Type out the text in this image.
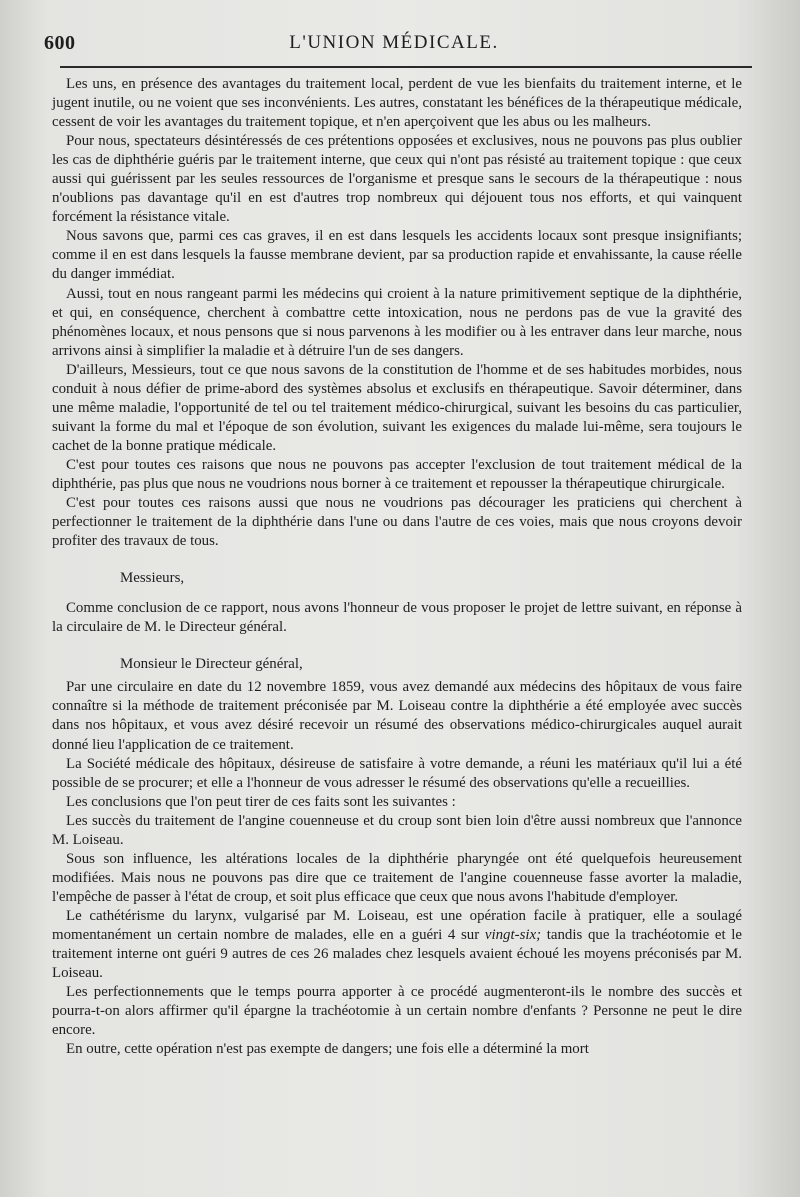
600	L'UNION MÉDICALE.

Les uns, en présence des avantages du traitement local, perdent de vue les bienfaits du traitement interne, et le jugent inutile, ou ne voient que ses inconvénients. Les autres, constatant les bénéfices de la thérapeutique médicale, cessent de voir les avantages du traitement topique, et n'en aperçoivent que les abus ou les malheurs.

Pour nous, spectateurs désintéressés de ces prétentions opposées et exclusives, nous ne pouvons pas plus oublier les cas de diphthérie guéris par le traitement interne, que ceux qui n'ont pas résisté au traitement topique : que ceux aussi qui guérissent par les seules ressources de l'organisme et presque sans le secours de la thérapeutique : nous n'oublions pas davantage qu'il en est d'autres trop nombreux qui déjouent tous nos efforts, et qui vainquent forcément la résistance vitale.

Nous savons que, parmi ces cas graves, il en est dans lesquels les accidents locaux sont presque insignifiants; comme il en est dans lesquels la fausse membrane devient, par sa production rapide et envahissante, la cause réelle du danger immédiat.

Aussi, tout en nous rangeant parmi les médecins qui croient à la nature primitivement septique de la diphthérie, et qui, en conséquence, cherchent à combattre cette intoxication, nous ne perdons pas de vue la gravité des phénomènes locaux, et nous pensons que si nous parvenons à les modifier ou à les entraver dans leur marche, nous arrivons ainsi à simplifier la maladie et à détruire l'un de ses dangers.

D'ailleurs, Messieurs, tout ce que nous savons de la constitution de l'homme et de ses habitudes morbides, nous conduit à nous défier de prime-abord des systèmes absolus et exclusifs en thérapeutique. Savoir déterminer, dans une même maladie, l'opportunité de tel ou tel traitement médico-chirurgical, suivant les besoins du cas particulier, suivant la forme du mal et l'époque de son évolution, suivant les exigences du malade lui-même, sera toujours le cachet de la bonne pratique médicale.

C'est pour toutes ces raisons que nous ne pouvons pas accepter l'exclusion de tout traitement médical de la diphthérie, pas plus que nous ne voudrions nous borner à ce traitement et repousser la thérapeutique chirurgicale.

C'est pour toutes ces raisons aussi que nous ne voudrions pas décourager les praticiens qui cherchent à perfectionner le traitement de la diphthérie dans l'une ou dans l'autre de ces voies, mais que nous croyons devoir profiter des travaux de tous.

Messieurs,

Comme conclusion de ce rapport, nous avons l'honneur de vous proposer le projet de lettre suivant, en réponse à la circulaire de M. le Directeur général.

Monsieur le Directeur général,

Par une circulaire en date du 12 novembre 1859, vous avez demandé aux médecins des hôpitaux de vous faire connaître si la méthode de traitement préconisée par M. Loiseau contre la diphthérie a été employée avec succès dans nos hôpitaux, et vous avez désiré recevoir un résumé des observations médico-chirurgicales auquel aurait donné lieu l'application de ce traitement.

La Société médicale des hôpitaux, désireuse de satisfaire à votre demande, a réuni les matériaux qu'il lui a été possible de se procurer; et elle a l'honneur de vous adresser le résumé des observations qu'elle a recueillies.

Les conclusions que l'on peut tirer de ces faits sont les suivantes :

Les succès du traitement de l'angine couenneuse et du croup sont bien loin d'être aussi nombreux que l'annonce M. Loiseau.

Sous son influence, les altérations locales de la diphthérie pharyngée ont été quelquefois heureusement modifiées. Mais nous ne pouvons pas dire que ce traitement de l'angine couenneuse fasse avorter la maladie, l'empêche de passer à l'état de croup, et soit plus efficace que ceux que nous avons l'habitude d'employer.

Le cathétérisme du larynx, vulgarisé par M. Loiseau, est une opération facile à pratiquer, elle a soulagé momentanément un certain nombre de malades, elle en a guéri 4 sur vingt-six; tandis que la trachéotomie et le traitement interne ont guéri 9 autres de ces 26 malades chez lesquels avaient échoué les moyens préconisés par M. Loiseau.

Les perfectionnements que le temps pourra apporter à ce procédé augmenteront-ils le nombre des succès et pourra-t-on alors affirmer qu'il épargne la trachéotomie à un certain nombre d'enfants ? Personne ne peut le dire encore.

En outre, cette opération n'est pas exempte de dangers; une fois elle a déterminé la mort
